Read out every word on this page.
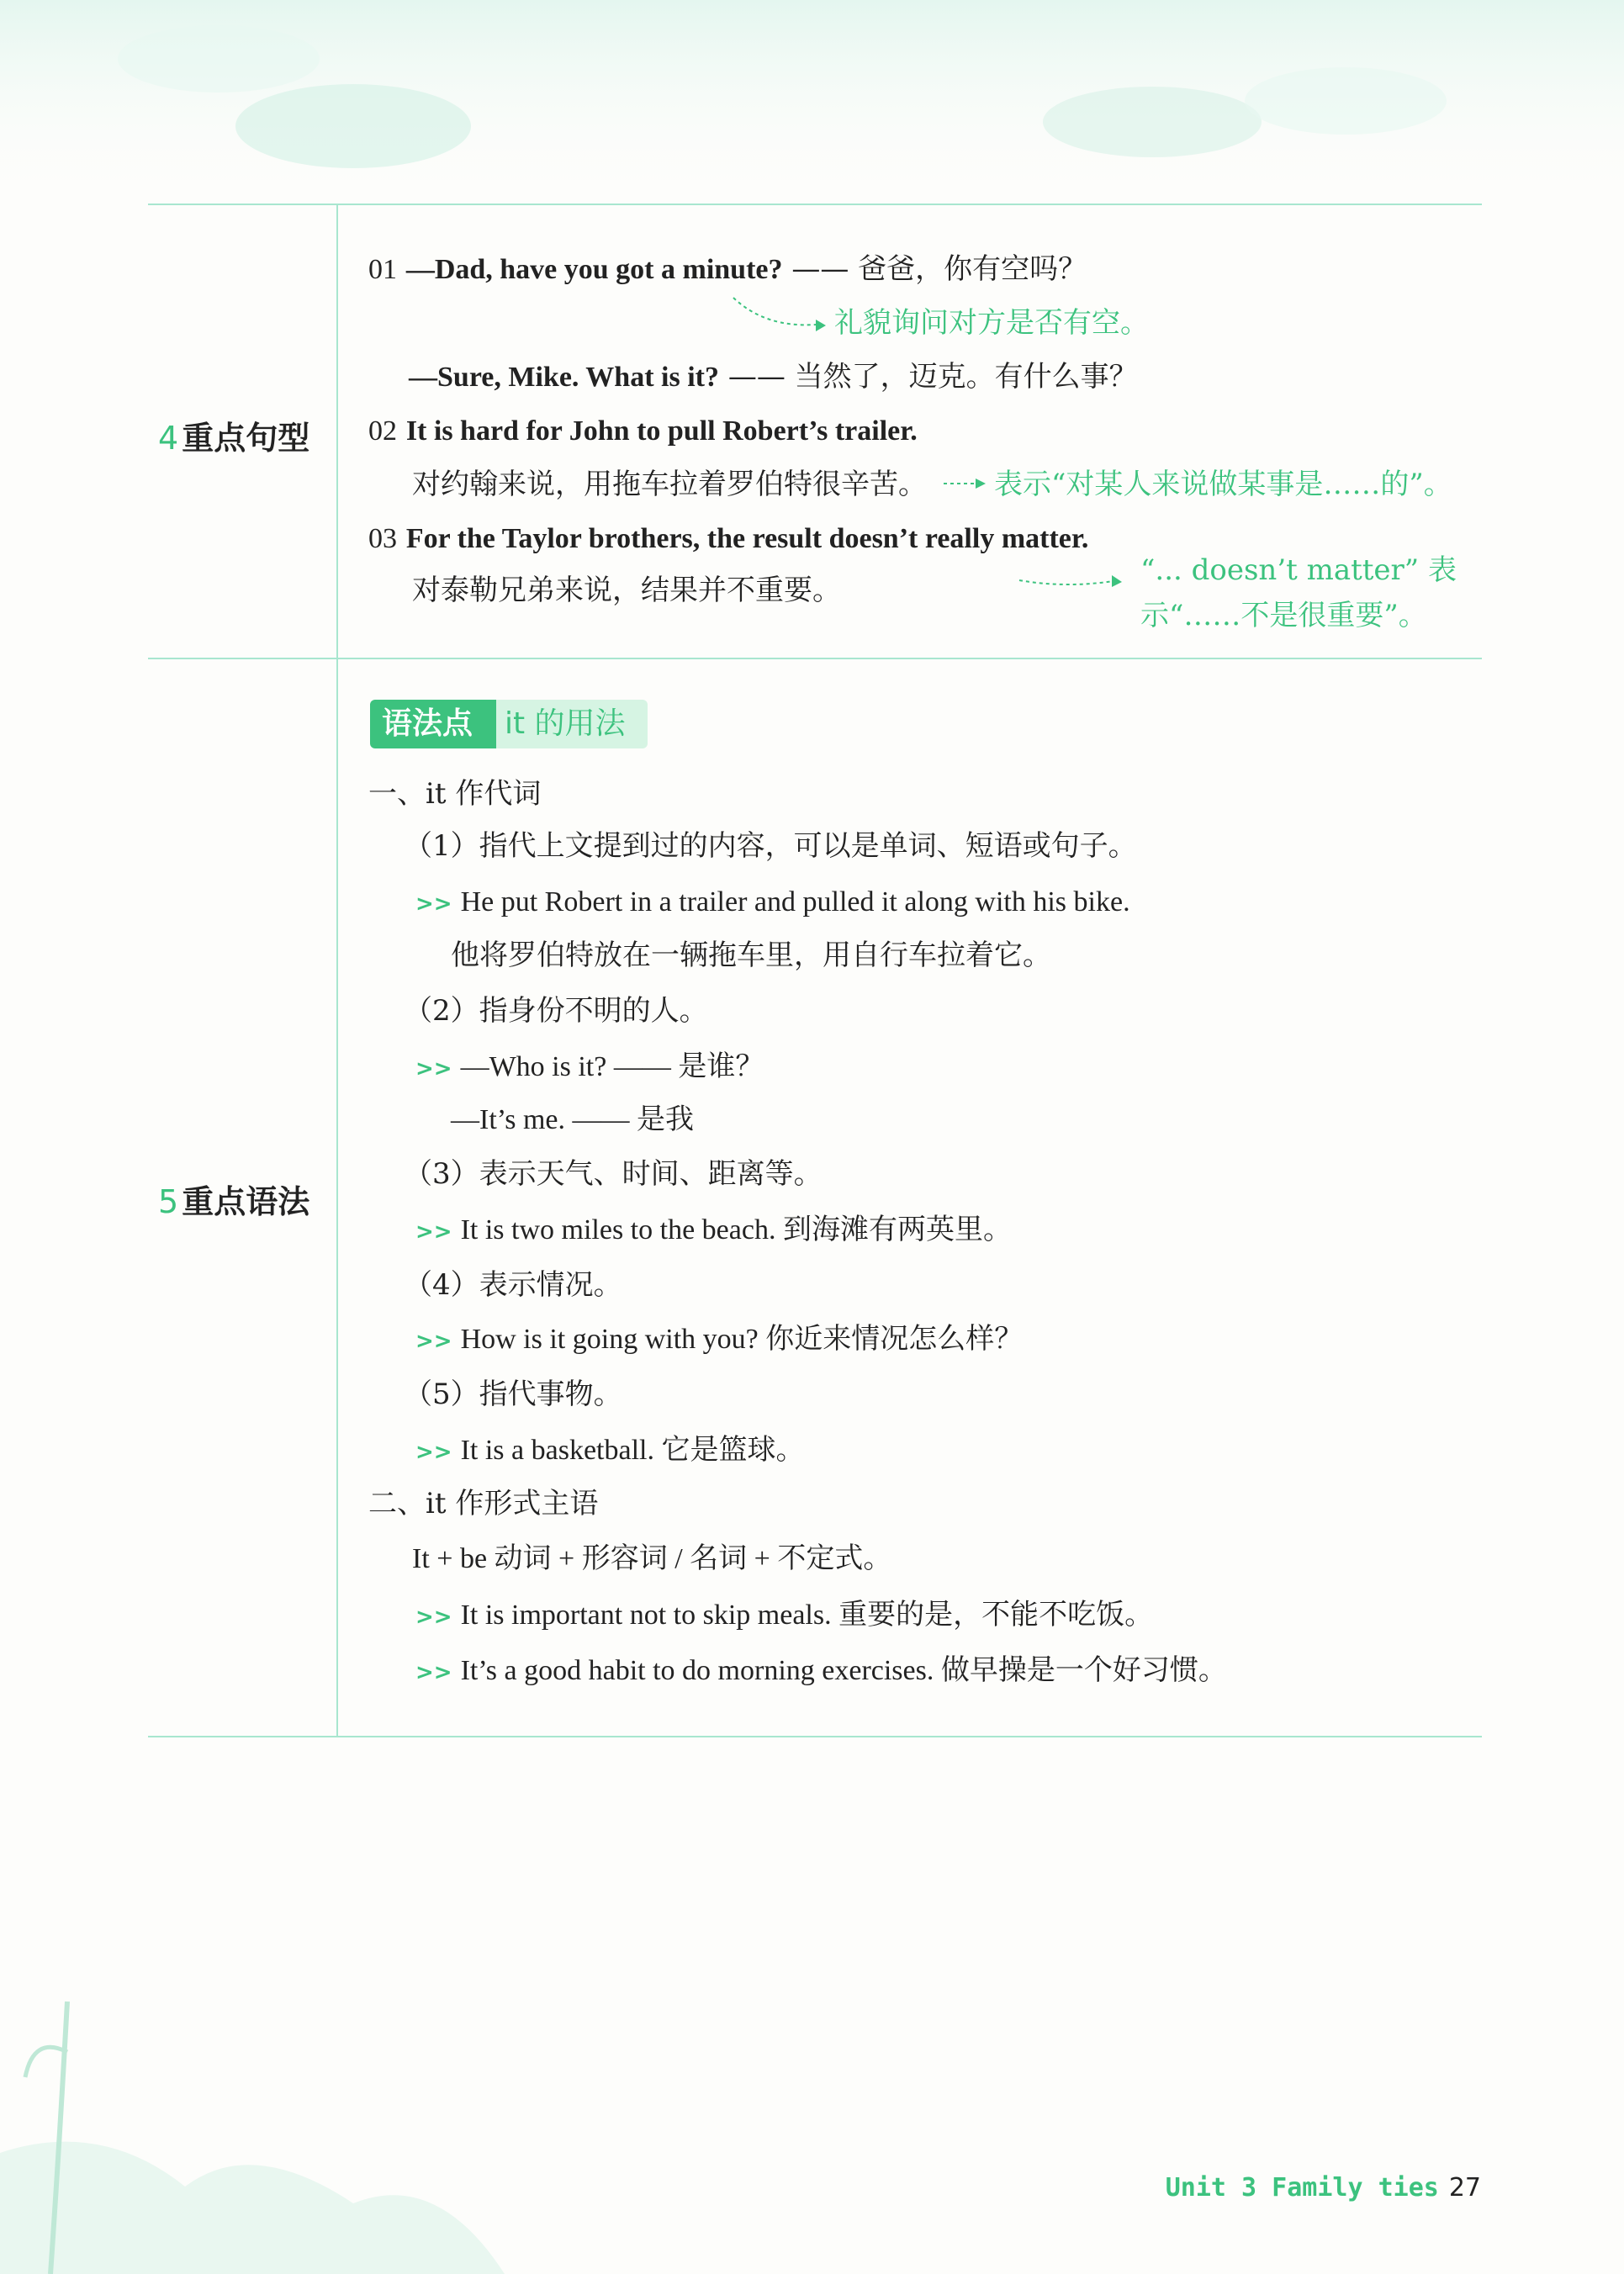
4 重点句型
01 —Dad, have you got a minute? —— 爸爸，你有空吗？
礼貌询问对方是否有空。
—Sure, Mike. What is it? —— 当然了，迈克。有什么事？
02 It is hard for John to pull Robert’s trailer.
对约翰来说，用拖车拉着罗伯特很辛苦。 表示“对某人来说做某事是……的”。
03 For the Taylor brothers, the result doesn’t really matter.
对泰勒兄弟来说，结果并不重要。
“... doesn’t matter” 表
示“……不是很重要”。
5 重点语法
语法点 it 的用法
一、it 作代词
（1）指代上文提到过的内容，可以是单词、短语或句子。
>> He put Robert in a trailer and pulled it along with his bike.
他将罗伯特放在一辆拖车里，用自行车拉着它。
（2）指身份不明的人。
>> —Who is it? —— 是谁？
—It’s me. —— 是我
（3）表示天气、时间、距离等。
>> It is two miles to the beach. 到海滩有两英里。
（4）表示情况。
>> How is it going with you? 你近来情况怎么样？
（5）指代事物。
>> It is a basketball. 它是篮球。
二、it 作形式主语
It + be 动词 + 形容词 / 名词 + 不定式。
>> It is important not to skip meals. 重要的是，不能不吃饭。
>> It’s a good habit to do morning exercises. 做早操是一个好习惯。
Unit 3 Family ties 27
